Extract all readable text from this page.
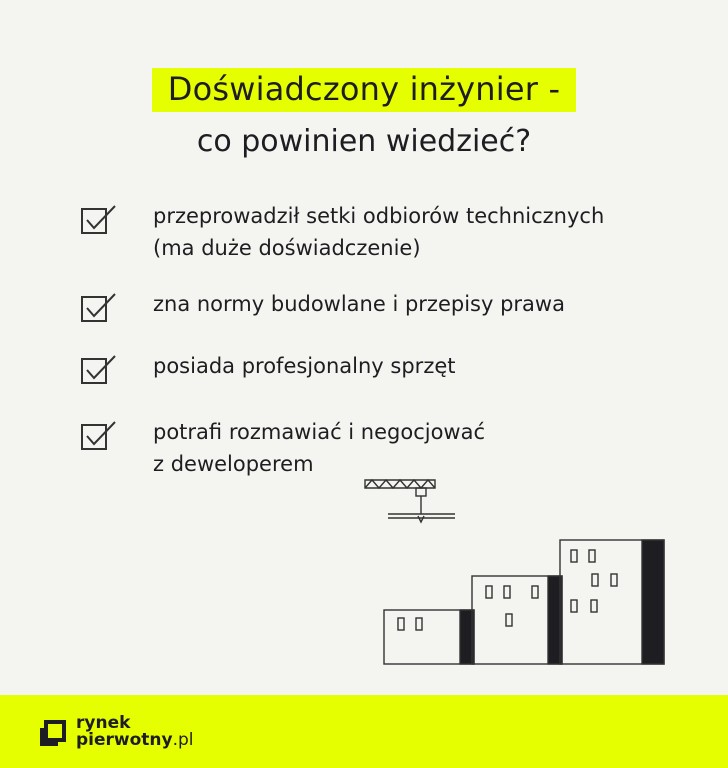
Doświadczony inżynier -
co powinien wiedzieć?
przeprowadził setki odbiorów technicznych
(ma duże doświadczenie)
zna normy budowlane i przepisy prawa
posiada profesjonalny sprzęt
potrafi rozmawiać i negocjować
z deweloperem
rynek
pierwotny.pl
